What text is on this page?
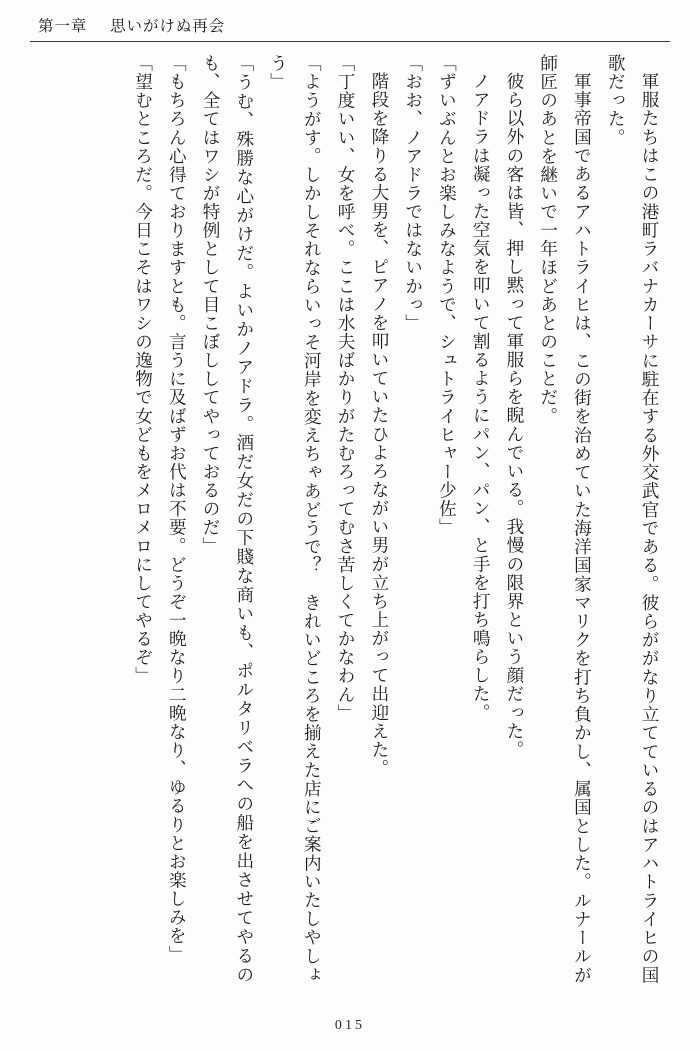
第一章 思いがけぬ再会

軍服たちはこの港町ラバナカーサに駐在する外交武官である。彼らががなり立てているのはアハトライヒの国歌だった。

軍事帝国であるアハトライヒは、この街を治めていた海洋国家マリクを打ち負かし、属国とした。ルナールが師匠のあとを継いで一年ほどあとのことだ。

彼ら以外の客は皆、押し黙って軍服らを睨んでいる。我慢の限界という顔だった。

ノアドラは凝った空気を叩いて割るようにパン、パン、と手を打ち鳴らした。

「ずいぶんとお楽しみなようで、シュトライヒャー少佐」

「おお、ノアドラではないかっ」

階段を降りる大男を、ピアノを叩いていたひよろながい男が立ち上がって出迎えた。

「丁度いい、女を呼べ。ここは水夫ばかりがたむろってむさ苦しくてかなわん」

「ようがす。しかしそれならいっそ河岸を変えちゃあどうで？　きれいどころを揃えた店にご案内いたしやしょう」

「うむ、殊勝な心がけだ。よいかノアドラ。酒だ女だの下賤な商いも、ポルタリベラへの船を出させてやるのも、全てはワシが特例として目こぼししてやっておるのだ」

「もちろん心得ておりますとも。言うに及ばずお代は不要。どうぞ一晩なり二晩なり、ゆるりとお楽しみを」

「望むところだ。今日こそはワシの逸物で女どもをメロメロにしてやるぞ」

015
